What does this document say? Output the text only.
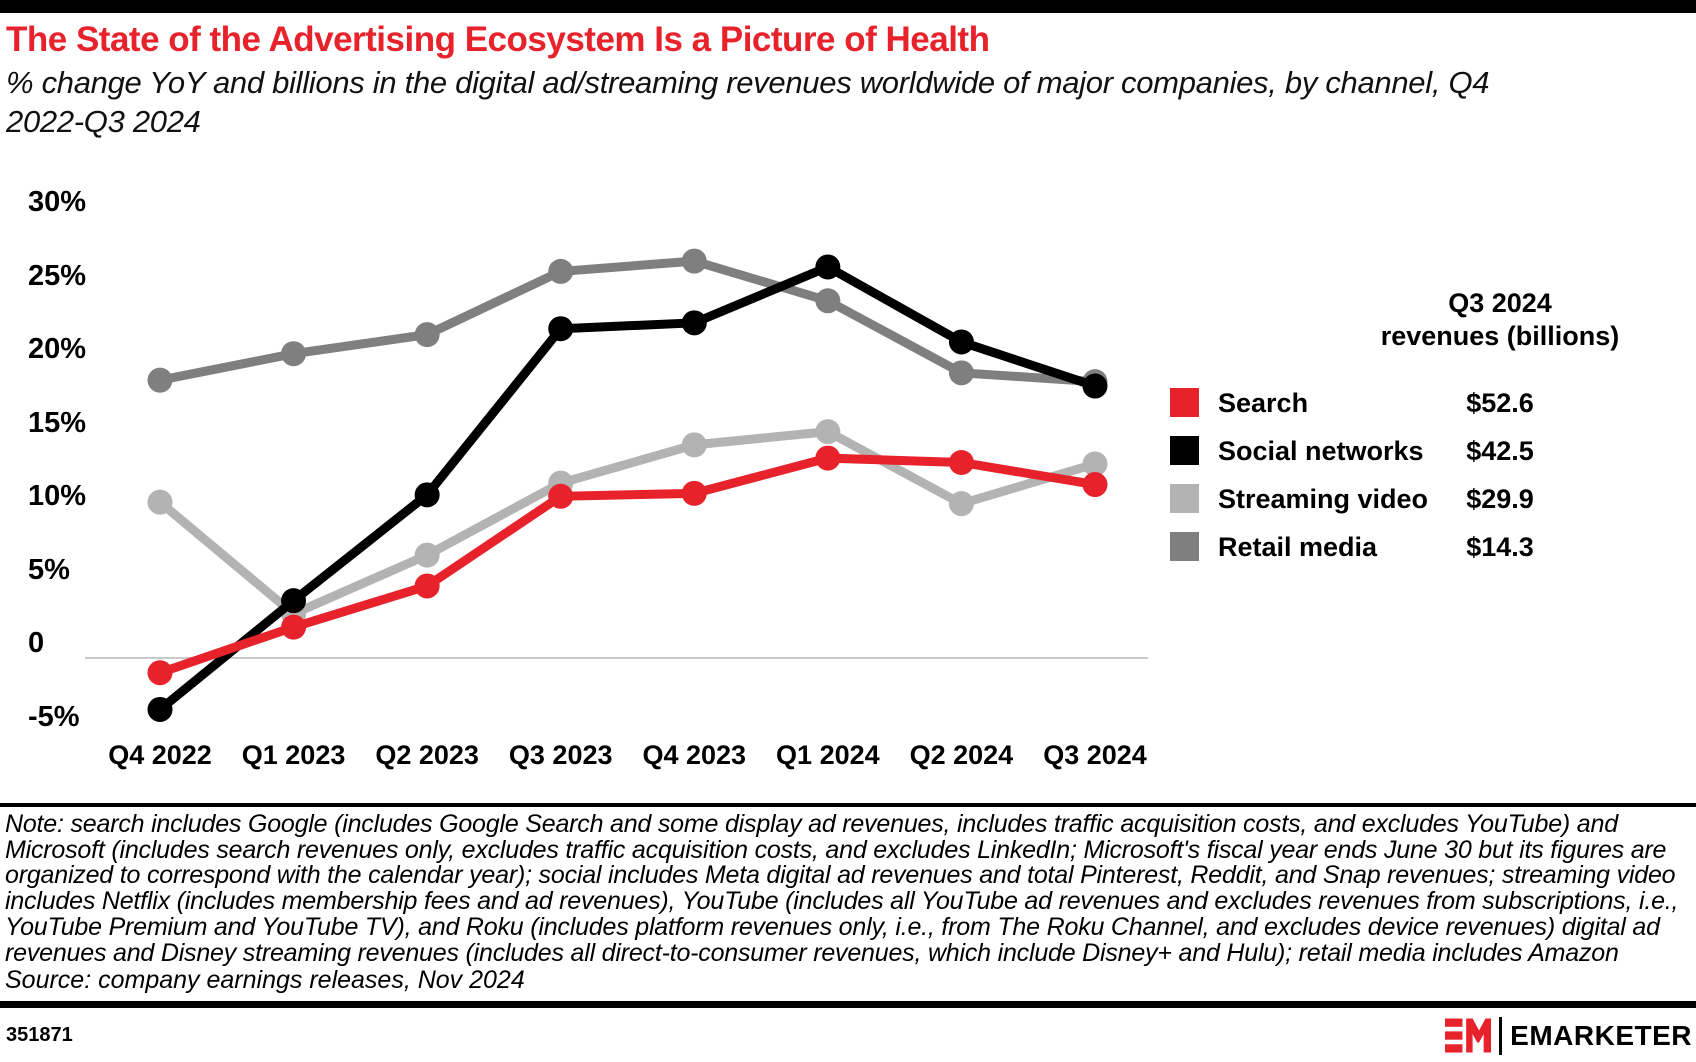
The State of the Advertising Ecosystem Is a Picture of Health
% change YoY and billions in the digital ad/streaming revenues worldwide of major companies, by channel, Q4 2022-Q3 2024
30%
25%
20%
15%
10%
5%
0
-5%
Q4 2022	Q1 2023	Q2 2023	Q3 2023	Q4 2023	Q1 2024	Q2 2024	Q3 2024
Q3 2024
revenues (billions)
Search	$52.6
Social networks	$42.5
Streaming video	$29.9
Retail media	$14.3
Note: search includes Google (includes Google Search and some display ad revenues, includes traffic acquisition costs, and excludes YouTube) and Microsoft (includes search revenues only, excludes traffic acquisition costs, and excludes LinkedIn; Microsoft's fiscal year ends June 30 but its figures are organized to correspond with the calendar year); social includes Meta digital ad revenues and total Pinterest, Reddit, and Snap revenues; streaming video includes Netflix (includes membership fees and ad revenues), YouTube (includes all YouTube ad revenues and excludes revenues from subscriptions, i.e., YouTube Premium and YouTube TV), and Roku (includes platform revenues only, i.e., from The Roku Channel, and excludes device revenues) digital ad revenues and Disney streaming revenues (includes all direct-to-consumer revenues, which include Disney+ and Hulu); retail media includes Amazon
Source: company earnings releases, Nov 2024
351871	EMARKETER
